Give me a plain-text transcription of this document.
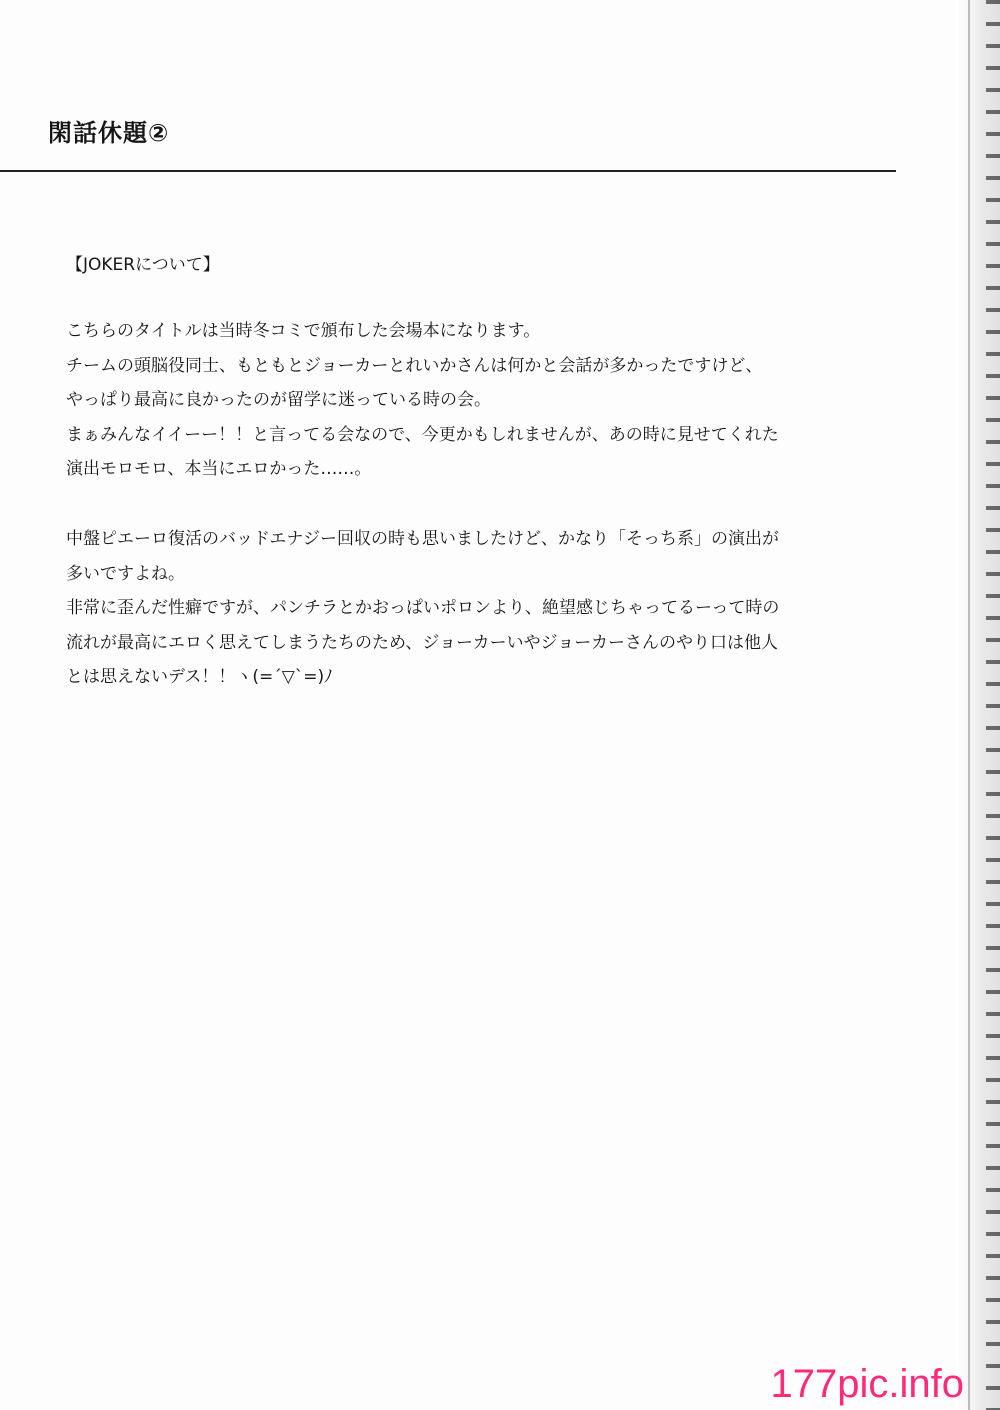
閑話休題②
【JOKERについて】

こちらのタイトルは当時冬コミで頒布した会場本になります。
チームの頭脳役同士、もともとジョーカーとれいかさんは何かと会話が多かったですけど、
やっぱり最高に良かったのが留学に迷っている時の会。
まぁみんなイイーー！！と言ってる会なので、今更かもしれませんが、あの時に見せてくれた
演出モロモロ、本当にエロかった……。

中盤ピエーロ復活のバッドエナジー回収の時も思いましたけど、かなり「そっち系」の演出が
多いですよね。
非常に歪んだ性癖ですが、パンチラとかおっぱいポロンより、絶望感じちゃってるーって時の
流れが最高にエロく思えてしまうたちのため、ジョーカーいやジョーカーさんのやり口は他人
とは思えないデス！！ヽ(=´▽`=)ﾉ

177pic.info
